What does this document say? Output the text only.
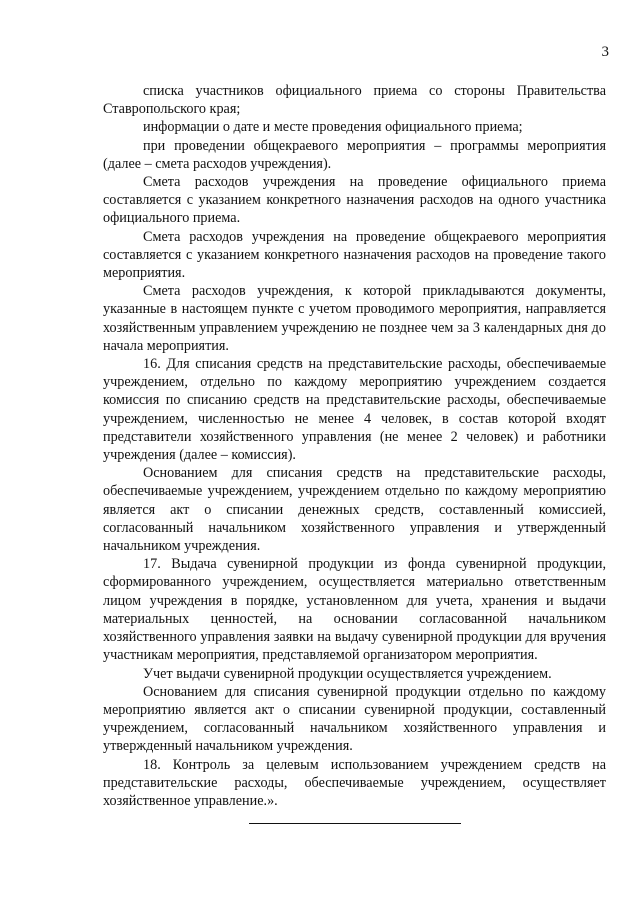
3

списка участников официального приема со стороны Правительства Ставропольского края;

информации о дате и месте проведения официального приема;

при проведении общекраевого мероприятия – программы мероприятия (далее – смета расходов учреждения).

Смета расходов учреждения на проведение официального приема составляется с указанием конкретного назначения расходов на одного участника официального приема.

Смета расходов учреждения на проведение общекраевого мероприятия составляется с указанием конкретного назначения расходов на проведение такого мероприятия.

Смета расходов учреждения, к которой прикладываются документы, указанные в настоящем пункте с учетом проводимого мероприятия, направляется хозяйственным управлением учреждению не позднее чем за 3 календарных дня до начала мероприятия.

16. Для списания средств на представительские расходы, обеспечиваемые учреждением, отдельно по каждому мероприятию учреждением создается комиссия по списанию средств на представительские расходы, обеспечиваемые учреждением, численностью не менее 4 человек, в состав которой входят представители хозяйственного управления (не менее 2 человек) и работники учреждения (далее – комиссия).

Основанием для списания средств на представительские расходы, обеспечиваемые учреждением, учреждением отдельно по каждому мероприятию является акт о списании денежных средств, составленный комиссией, согласованный начальником хозяйственного управления и утвержденный начальником учреждения.

17. Выдача сувенирной продукции из фонда сувенирной продукции, сформированного учреждением, осуществляется материально ответственным лицом учреждения в порядке, установленном для учета, хранения и выдачи материальных ценностей, на основании согласованной начальником хозяйственного управления заявки на выдачу сувенирной продукции для вручения участникам мероприятия, представляемой организатором мероприятия.

Учет выдачи сувенирной продукции осуществляется учреждением.

Основанием для списания сувенирной продукции отдельно по каждому мероприятию является акт о списании сувенирной продукции, составленный учреждением, согласованный начальником хозяйственного управления и утвержденный начальником учреждения.

18. Контроль за целевым использованием учреждением средств на представительские расходы, обеспечиваемые учреждением, осуществляет хозяйственное управление.».
